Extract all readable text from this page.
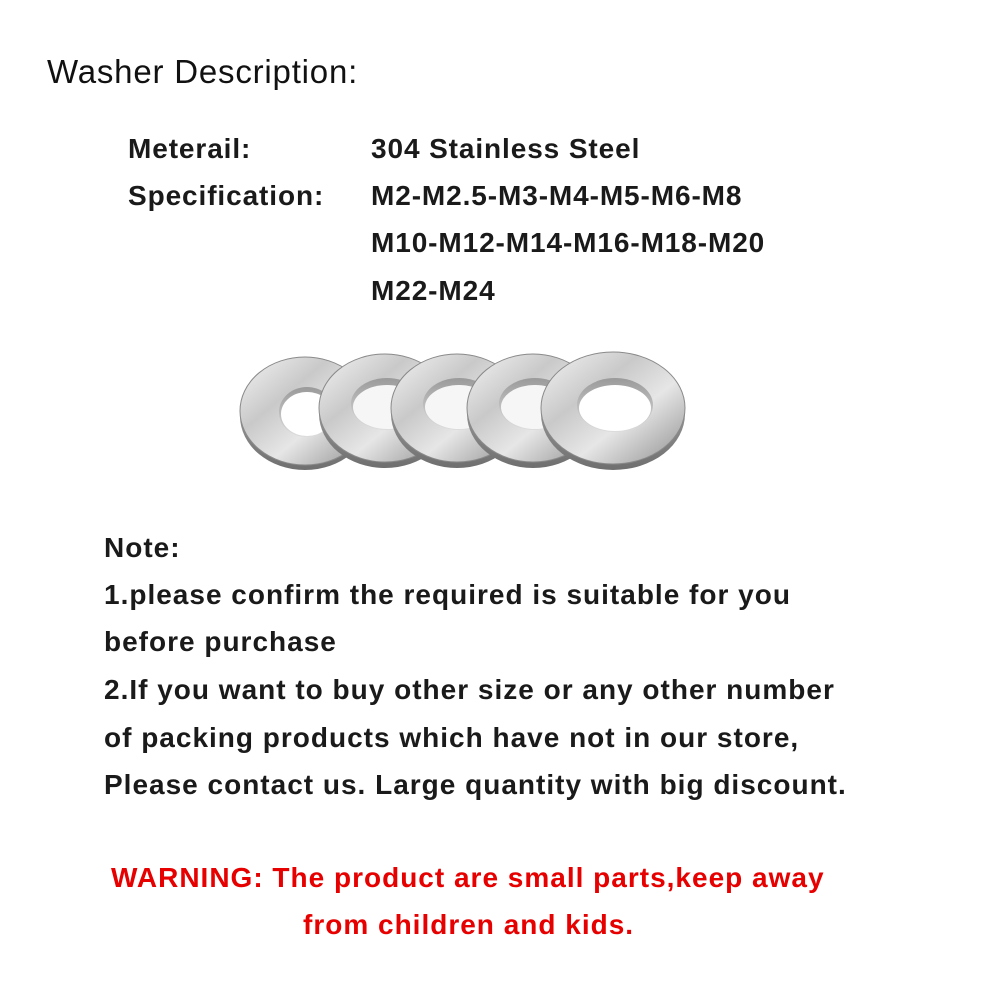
Washer Description:
Meterail:	304 Stainless Steel
Specification: M2-M2.5-M3-M4-M5-M6-M8
M10-M12-M14-M16-M18-M20
M22-M24
Note:
1.please confirm the required is suitable for you
before purchase
2.If you want to buy other size or any other number
of packing products which have not in our store,
Please contact us. Large quantity with big discount.
WARNING: The product are small parts,keep away
from children and kids.
